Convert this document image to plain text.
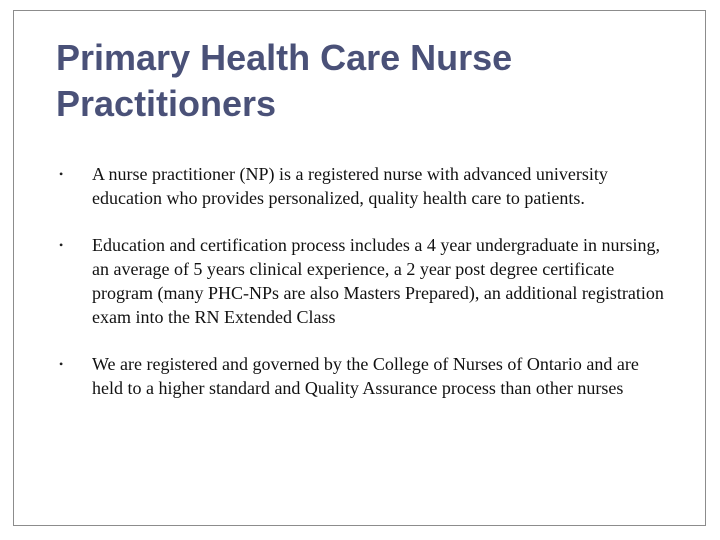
Primary Health Care Nurse Practitioners
• A nurse practitioner (NP) is a registered nurse with advanced university education who provides personalized, quality health care to patients.
• Education and certification process includes a 4 year undergraduate in nursing, an average of 5 years clinical experience, a 2 year post degree certificate program (many PHC-NPs are also Masters Prepared), an additional registration exam into the RN Extended Class
• We are registered and governed by the College of Nurses of Ontario and are held to a higher standard and Quality Assurance process than other nurses
